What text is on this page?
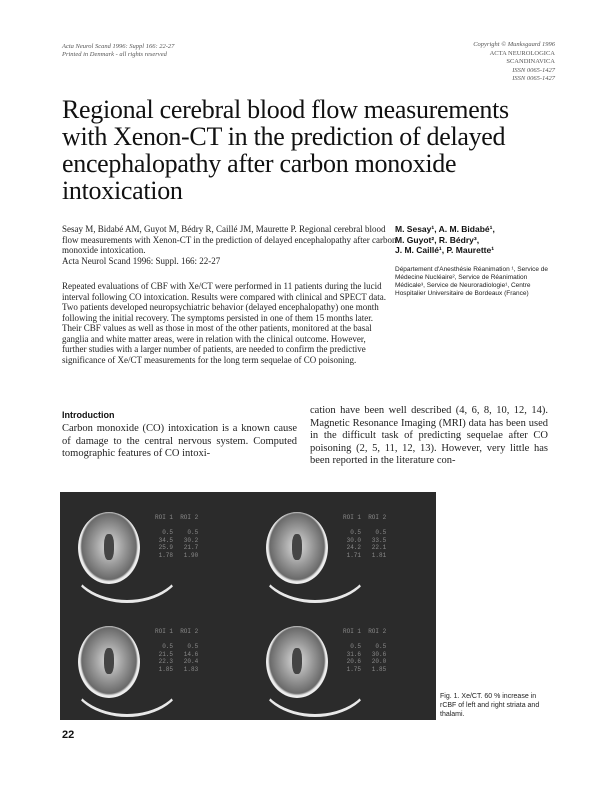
Acta Neurol Scand 1996: Suppl 166: 22-27
Printed in Denmark - all rights reserved
Copyright © Munksgaard 1996
ACTA NEUROLOGICA
SCANDINAVICA
ISSN 0065-1427
ISSN 0065-1427
Regional cerebral blood flow measurements with Xenon-CT in the prediction of delayed encephalopathy after carbon monoxide intoxication
Sesay M, Bidabé AM, Guyot M, Bédry R, Caillé JM, Maurette P. Regional cerebral blood flow measurements with Xenon-CT in the prediction of delayed encephalopathy after carbon monoxide intoxication.
Acta Neurol Scand 1996: Suppl. 166: 22-27
Repeated evaluations of CBF with Xe/CT were performed in 11 patients during the lucid interval following CO intoxication. Results were compared with clinical and SPECT data. Two patients developed neuropsychiatric behavior (delayed encephalopathy) one month following the initial recovery. The symptoms persisted in one of them 15 months later. Their CBF values as well as those in most of the other patients, monitored at the basal ganglia and white matter areas, were in relation with the clinical outcome. However, further studies with a larger number of patients, are needed to confirm the predictive significance of Xe/CT measurements for the long term sequelae of CO poisoning.
M. Sesay¹, A. M. Bidabé¹,
M. Guyot², R. Bédry³,
J. M. Caillé¹, P. Maurette¹
Département d'Anesthésie Réanimation ¹, Service de Médecine Nucléaire², Service de Réanimation Médicale³, Service de Neuroradiologie¹, Centre Hospitalier Universitaire de Bordeaux (France)
Introduction
Carbon monoxide (CO) intoxication is a known cause of damage to the central nervous system. Computed tomographic features of CO intoxi-
cation have been well described (4, 6, 8, 10, 12, 14). Magnetic Resonance Imaging (MRI) data has been used in the difficult task of predicting sequelae after CO poisoning (2, 5, 11, 12, 13). However, very little has been reported in the literature con-
ROI 1  ROI 2

0.5    0.5
34.5   30.2
25.9   21.7
1.78   1.90
ROI 1  ROI 2

0.5    0.5
30.0   33.5
24.2   22.1
1.71   1.81
ROI 1  ROI 2

0.5    0.5
21.5   14.6
22.3   20.4
1.85   1.83
ROI 1  ROI 2

0.5    0.5
31.6   30.6
20.6   20.0
1.75   1.85
Fig. 1. Xe/CT. 60 % increase in rCBF of left and right striata and thalami.
22
